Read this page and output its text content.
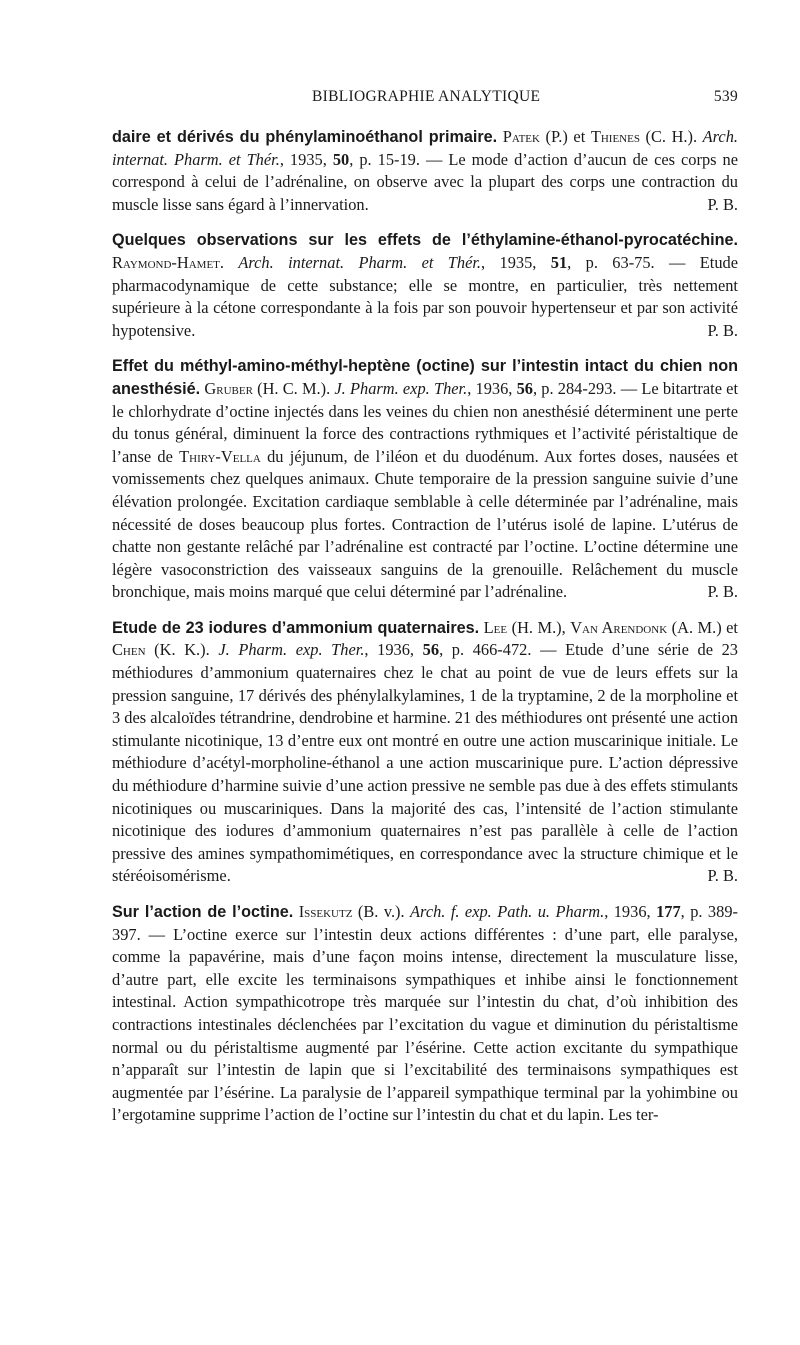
BIBLIOGRAPHIE ANALYTIQUE	539

daire et dérivés du phénylaminoéthanol primaire. Patek (P.) et Thienes (C. H.). Arch. internat. Pharm. et Thér., 1935, 50, p. 15-19. — Le mode d’action d’aucun de ces corps ne correspond à celui de l’adrénaline, on observe avec la plupart des corps une contraction du muscle lisse sans égard à l’innervation.	P. B.

Quelques observations sur les effets de l’éthylamine-éthanol-pyrocatéchine. Raymond-Hamet. Arch. internat. Pharm. et Thér., 1935, 51, p. 63-75. — Etude pharmacodynamique de cette substance; elle se montre, en particulier, très nettement supérieure à la cétone correspondante à la fois par son pouvoir hypertenseur et par son activité hypotensive.	P. B.

Effet du méthyl-amino-méthyl-heptène (octine) sur l’intestin intact du chien non anesthésié. Gruber (H. C. M.). J. Pharm. exp. Ther., 1936, 56, p. 284-293. — Le bitartrate et le chlorhydrate d’octine injectés dans les veines du chien non anesthésié déterminent une perte du tonus général, diminuent la force des contractions rythmiques et l’activité péristaltique de l’anse de Thiry-Vella du jéjunum, de l’iléon et du duodénum. Aux fortes doses, nausées et vomissements chez quelques animaux. Chute temporaire de la pression sanguine suivie d’une élévation prolongée. Excitation cardiaque semblable à celle déterminée par l’adrénaline, mais nécessité de doses beaucoup plus fortes. Contraction de l’utérus isolé de lapine. L’utérus de chatte non gestante relâché par l’adrénaline est contracté par l’octine. L’octine détermine une légère vasoconstriction des vaisseaux sanguins de la grenouille. Relâchement du muscle bronchique, mais moins marqué que celui déterminé par l’adrénaline.	P. B.

Etude de 23 iodures d’ammonium quaternaires. Lee (H. M.), Van Arendonk (A. M.) et Chen (K. K.). J. Pharm. exp. Ther., 1936, 56, p. 466-472. — Etude d’une série de 23 méthiodures d’ammonium quaternaires chez le chat au point de vue de leurs effets sur la pression sanguine, 17 dérivés des phénylalkylamines, 1 de la tryptamine, 2 de la morpholine et 3 des alcaloïdes tétrandrine, dendrobine et harmine. 21 des méthiodures ont présenté une action stimulante nicotinique, 13 d’entre eux ont montré en outre une action muscarinique initiale. Le méthiodure d’acétyl-morpholine-éthanol a une action muscarinique pure. L’action dépressive du méthiodure d’harmine suivie d’une action pressive ne semble pas due à des effets stimulants nicotiniques ou muscariniques. Dans la majorité des cas, l’intensité de l’action stimulante nicotinique des iodures d’ammonium quaternaires n’est pas parallèle à celle de l’action pressive des amines sympathomimétiques, en correspondance avec la structure chimique et le stéréoisomérisme.	P. B.

Sur l’action de l’octine. Issekutz (B. v.). Arch. f. exp. Path. u. Pharm., 1936, 177, p. 389-397. — L’octine exerce sur l’intestin deux actions différentes : d’une part, elle paralyse, comme la papavérine, mais d’une façon moins intense, directement la musculature lisse, d’autre part, elle excite les terminaisons sympathiques et inhibe ainsi le fonctionnement intestinal. Action sympathicotrope très marquée sur l’intestin du chat, d’où inhibition des contractions intestinales déclenchées par l’excitation du vague et diminution du péristaltisme normal ou du péristaltisme augmenté par l’ésérine. Cette action excitante du sympathique n’apparaît sur l’intestin de lapin que si l’excitabilité des terminaisons sympathiques est augmentée par l’ésérine. La paralysie de l’appareil sympathique terminal par la yohimbine ou l’ergotamine supprime l’action de l’octine sur l’intestin du chat et du lapin. Les ter-
